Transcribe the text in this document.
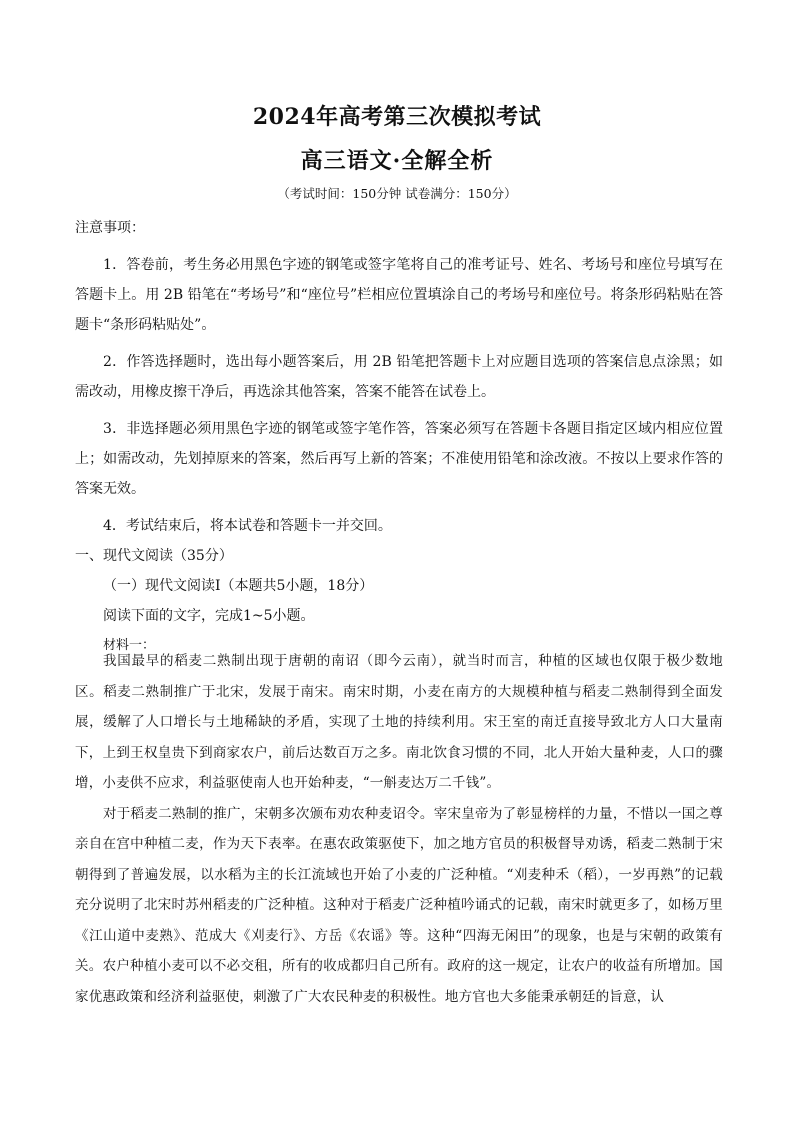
2024年高考第三次模拟考试
高三语文·全解全析
（考试时间：150分钟 试卷满分：150分）

注意事项：

1．答卷前，考生务必用黑色字迹的钢笔或签字笔将自己的准考证号、姓名、考场号和座位号填写在答题卡上。用 2B 铅笔在“考场号”和“座位号”栏相应位置填涂自己的考场号和座位号。将条形码粘贴在答题卡“条形码粘贴处”。

2．作答选择题时，选出每小题答案后，用 2B 铅笔把答题卡上对应题目选项的答案信息点涂黑；如需改动，用橡皮擦干净后，再选涂其他答案，答案不能答在试卷上。

3．非选择题必须用黑色字迹的钢笔或签字笔作答，答案必须写在答题卡各题目指定区域内相应位置上；如需改动，先划掉原来的答案，然后再写上新的答案；不准使用铅笔和涂改液。不按以上要求作答的答案无效。

4．考试结束后，将本试卷和答题卡一并交回。

一、现代文阅读（35分）

（一）现代文阅读Ⅰ（本题共5小题，18分）

阅读下面的文字，完成1~5小题。

材料一：

我国最早的稻麦二熟制出现于唐朝的南诏（即今云南），就当时而言，种植的区域也仅限于极少数地区。稻麦二熟制推广于北宋，发展于南宋。南宋时期，小麦在南方的大规模种植与稻麦二熟制得到全面发展，缓解了人口增长与土地稀缺的矛盾，实现了土地的持续利用。宋王室的南迁直接导致北方人口大量南下，上到王权皇贵下到商家农户，前后达数百万之多。南北饮食习惯的不同，北人开始大量种麦，人口的骤增，小麦供不应求，利益驱使南人也开始种麦，“一斛麦达万二千钱”。

对于稻麦二熟制的推广，宋朝多次颁布劝农种麦诏令。宰宋皇帝为了彰显榜样的力量，不惜以一国之尊亲自在宫中种植二麦，作为天下表率。在惠农政策驱使下，加之地方官员的积极督导劝诱，稻麦二熟制于宋朝得到了普遍发展，以水稻为主的长江流域也开始了小麦的广泛种植。“刈麦种禾（稻），一岁再熟”的记载充分说明了北宋时苏州稻麦的广泛种植。这种对于稻麦广泛种植吟诵式的记载，南宋时就更多了，如杨万里《江山道中麦熟》、范成大《刈麦行》、方岳《农谣》等。这种“四海无闲田”的现象，也是与宋朝的政策有关。农户种植小麦可以不必交租，所有的收成都归自己所有。政府的这一规定，让农户的收益有所增加。国家优惠政策和经济利益驱使，刺激了广大农民种麦的积极性。地方官也大多能秉承朝廷的旨意，认
